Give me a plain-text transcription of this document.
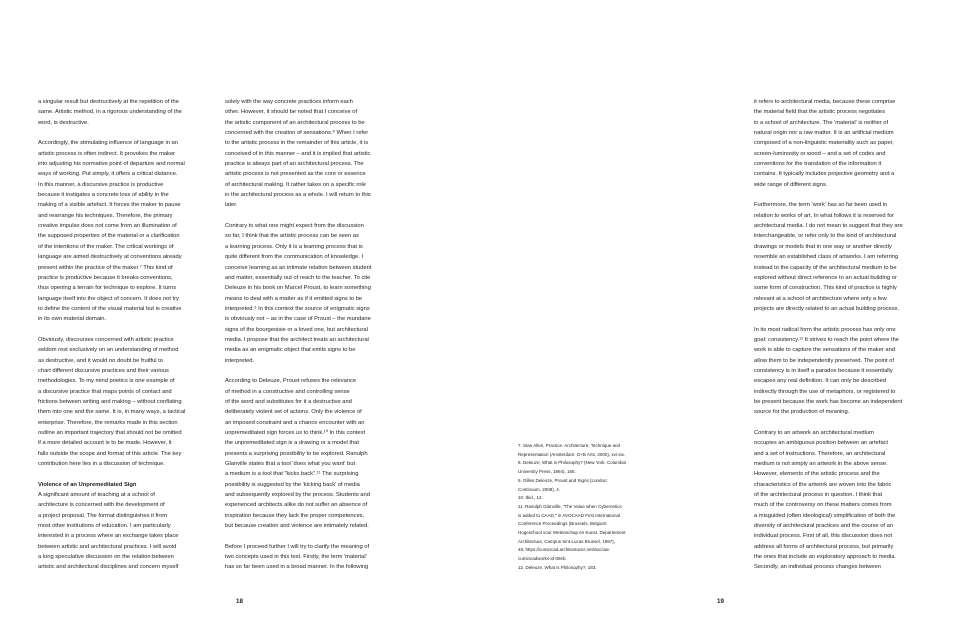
a singular result but destructively at the repetition of the
same. Artistic method, in a rigorous understanding of the
word, is destructive.
Accordingly, the stimulating influence of language in an
artistic process is often indirect. It provokes the maker
into adjusting his normative point of departure and normal
ways of working. Put simply, it offers a critical distance.
In this manner, a discursive practice is productive
because it instigates a concrete loss of ability in the
making of a visible artefact. It forces the maker to pause
and rearrange his techniques. Therefore, the primary
creative impulse does not come from an illumination of
the supposed properties of the material or a clarification
of the intentions of the maker. The critical workings of
language are aimed destructively at conventions already
present within the practice of the maker.⁷ This kind of
practice is productive because it breaks conventions,
thus opening a terrain for technique to explore. It turns
language itself into the object of concern. It does not try
to define the content of the visual material but is creative
in its own material domain.
Obviously, discourses concerned with artistic practice
seldom rest exclusively on an understanding of method
as destructive, and it would no doubt be fruitful to
chart different discursive practices and their various
methodologies. To my mind poetics is one example of
a discursive practice that maps points of contact and
frictions between writing and making – without conflating
them into one and the same. It is, in many ways, a tactical
enterprise. Therefore, the remarks made in this section
outline an important trajectory that should not be omitted
if a more detailed account is to be made. However, it
falls outside the scope and format of this article. The key
contribution here lies in a discussion of technique.
Violence of an Unpremeditated Sign
A significant amount of teaching at a school of
architecture is concerned with the development of
a project proposal. The format distinguishes it from
most other institutions of education. I am particularly
interested in a process where an exchange takes place
between artistic and architectural practices. I will avoid
a long speculative discussion on the relation between
artistic and architectural disciplines and concern myself
solely with the way concrete practices inform each
other. However, it should be noted that I conceive of
the artistic component of an architectural process to be
concerned with the creation of sensations.⁸ When I refer
to the artistic process in the remainder of this article, it is
conceived of in this manner – and it is implied that artistic
practice is always part of an architectural process. The
artistic process is not presented as the core or essence
of architectural making. It rather takes on a specific role
in the architectural process as a whole. I will return to this
later.
Contrary to what one might expect from the discussion
so far, I think that the artistic process can be seen as
a learning process. Only it is a learning process that is
quite different from the communication of knowledge. I
conceive learning as an intimate relation between student
and matter, essentially out of reach to the teacher. To cite
Deleuze in his book on Marcel Proust, to learn something
means to deal with a matter as if it emitted signs to be
interpreted.⁹ In this context the source of enigmatic signs
is obviously not – as in the case of Proust – the mundane
signs of the bourgeoisie or a loved one, but architectural
media. I propose that the architect treats an architectural
media as an enigmatic object that emits signs to be
interpreted.
According to Deleuze, Proust refuses the relevance
of method in a constructive and controlling sense
of the word and substitutes for it a destructive and
deliberately violent set of actions. Only the violence of
an imposed constraint and a chance encounter with an
unpremeditated sign forces us to think.¹⁰ In this context
the unpremeditated sign is a drawing or a model that
presents a surprising possibility to be explored. Ranulph
Glanville states that a tool 'does what you want' but
a medium is a tool that "kicks back".¹¹ The surprising
possibility is suggested by the 'kicking back' of media
and subsequently explored by the process. Students and
experienced architects alike do not suffer an absence of
inspiration because they lack the proper competences,
but because creation and violence are intimately related.
Before I proceed further I will try to clarify the meaning of
two concepts used in this text. Firstly, the term 'material'
has so far been used in a broad manner. In the following
18
7. Stan Allen, Practice. Architecture, Technique and
Representation (Amsterdam: G+B Arts, 2000), xvi-xix.
8. Deleuze, What is Philosophy? (New York: Columbia
University Press, 1994), 165.
9. Gilles Deleuze, Proust and Signs (London:
Continuum, 2008), 4.
10. Ibid., 12.
11. Ranulph Glanville, "The Value when Cybernetics
is added to CAAD," in AVOCAAD First International
Conference Proceedings (Brussels, Belgium:
Hogeschool voor Wetenschap en Kunst, Departement
Architectuur, Campus Sint-Lucas Brussel, 1997),
48, https://cumincad.architexturez.net/doc/oai-
cumincadworks-id-09eb.
12. Deleuze, What is Philosophy?, 183.
it refers to architectural media, because these comprise
the material field that the artistic process negotiates
in a school of architecture. The 'material' is neither of
natural origin nor a raw matter. It is an artificial medium
composed of a non-linguistic materiality such as paper,
screen-luminosity or wood – and a set of codes and
conventions for the translation of the information it
contains. It typically includes projective geometry and a
wide range of different signs.
Furthermore, the term 'work' has so far been used in
relation to works of art. In what follows it is reserved for
architectural media. I do not mean to suggest that they are
interchangeable, or refer only to the kind of architectural
drawings or models that in one way or another directly
resemble an established class of artworks. I am referring
instead to the capacity of the architectural medium to be
explored without direct reference to an actual building or
some form of construction. This kind of practice is highly
relevant at a school of architecture where only a few
projects are directly related to an actual building process.
In its most radical form the artistic process has only one
goal: consistency.¹² It strives to reach the point where the
work is able to capture the sensations of the maker and
allow them to be independently preserved. The point of
consistency is in itself a paradox because it essentially
escapes any real definition. It can only be described
indirectly through the use of metaphors, or registered to
be present because the work has become an independent
source for the production of meaning.
Contrary to an artwork an architectural medium
occupies an ambiguous position between an artefact
and a set of instructions. Therefore, an architectural
medium is not simply an artwork in the above sense.
However, elements of the artistic process and the
characteristics of the artwork are woven into the fabric
of the architectural process in question. I think that
much of the controversy on these matters comes from
a misguided (often ideological) simplification of both the
diversity of architectural practices and the course of an
individual process. First of all, this discussion does not
address all forms of architectural process, but primarily
the ones that include an exploratory approach to media.
Secondly, an individual process changes between
19
